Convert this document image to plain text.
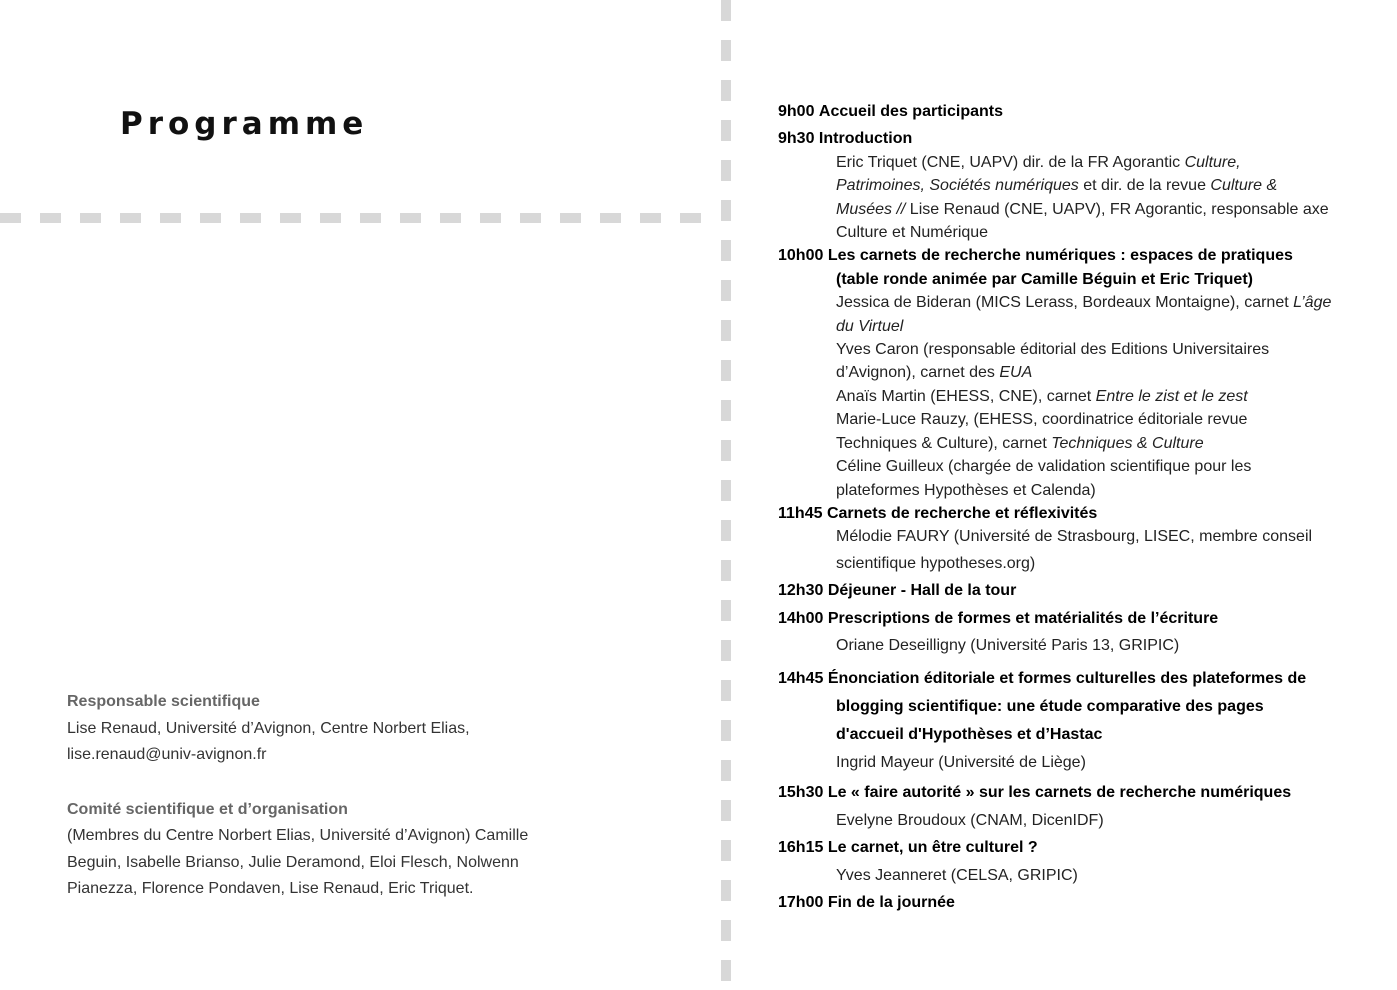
Programme
Responsable scientifique
Lise Renaud, Université d’Avignon, Centre Norbert Elias,
lise.renaud@univ-avignon.fr
Comité scientifique et d’organisation
(Membres du Centre Norbert Elias, Université d’Avignon) Camille
Beguin, Isabelle Brianso, Julie Deramond, Eloi Flesch, Nolwenn
Pianezza, Florence Pondaven, Lise Renaud, Eric Triquet.
9h00 Accueil des participants
9h30 Introduction
Eric Triquet (CNE, UAPV) dir. de la FR Agorantic Culture,
Patrimoines, Sociétés numériques et dir. de la revue Culture &
Musées // Lise Renaud (CNE, UAPV), FR Agorantic, responsable axe
Culture et Numérique
10h00 Les carnets de recherche numériques : espaces de pratiques
(table ronde animée par Camille Béguin et Eric Triquet)
Jessica de Bideran (MICS Lerass, Bordeaux Montaigne), carnet L’âge
du Virtuel
Yves Caron (responsable éditorial des Editions Universitaires
d’Avignon), carnet des EUA
Anaïs Martin (EHESS, CNE), carnet Entre le zist et le zest
Marie-Luce Rauzy, (EHESS, coordinatrice éditoriale revue
Techniques & Culture), carnet Techniques & Culture
Céline Guilleux (chargée de validation scientifique pour les
plateformes Hypothèses et Calenda)
11h45 Carnets de recherche et réflexivités
Mélodie FAURY (Université de Strasbourg, LISEC, membre conseil
scientifique hypotheses.org)
12h30 Déjeuner - Hall de la tour
14h00 Prescriptions de formes et matérialités de l’écriture
Oriane Deseilligny (Université Paris 13, GRIPIC)
14h45 Énonciation éditoriale et formes culturelles des plateformes de
blogging scientifique: une étude comparative des pages
d'accueil d'Hypothèses et d’Hastac
Ingrid Mayeur (Université de Liège)
15h30 Le « faire autorité » sur les carnets de recherche numériques
Evelyne Broudoux (CNAM, DicenIDF)
16h15 Le carnet, un être culturel ?
Yves Jeanneret (CELSA, GRIPIC)
17h00 Fin de la journée
